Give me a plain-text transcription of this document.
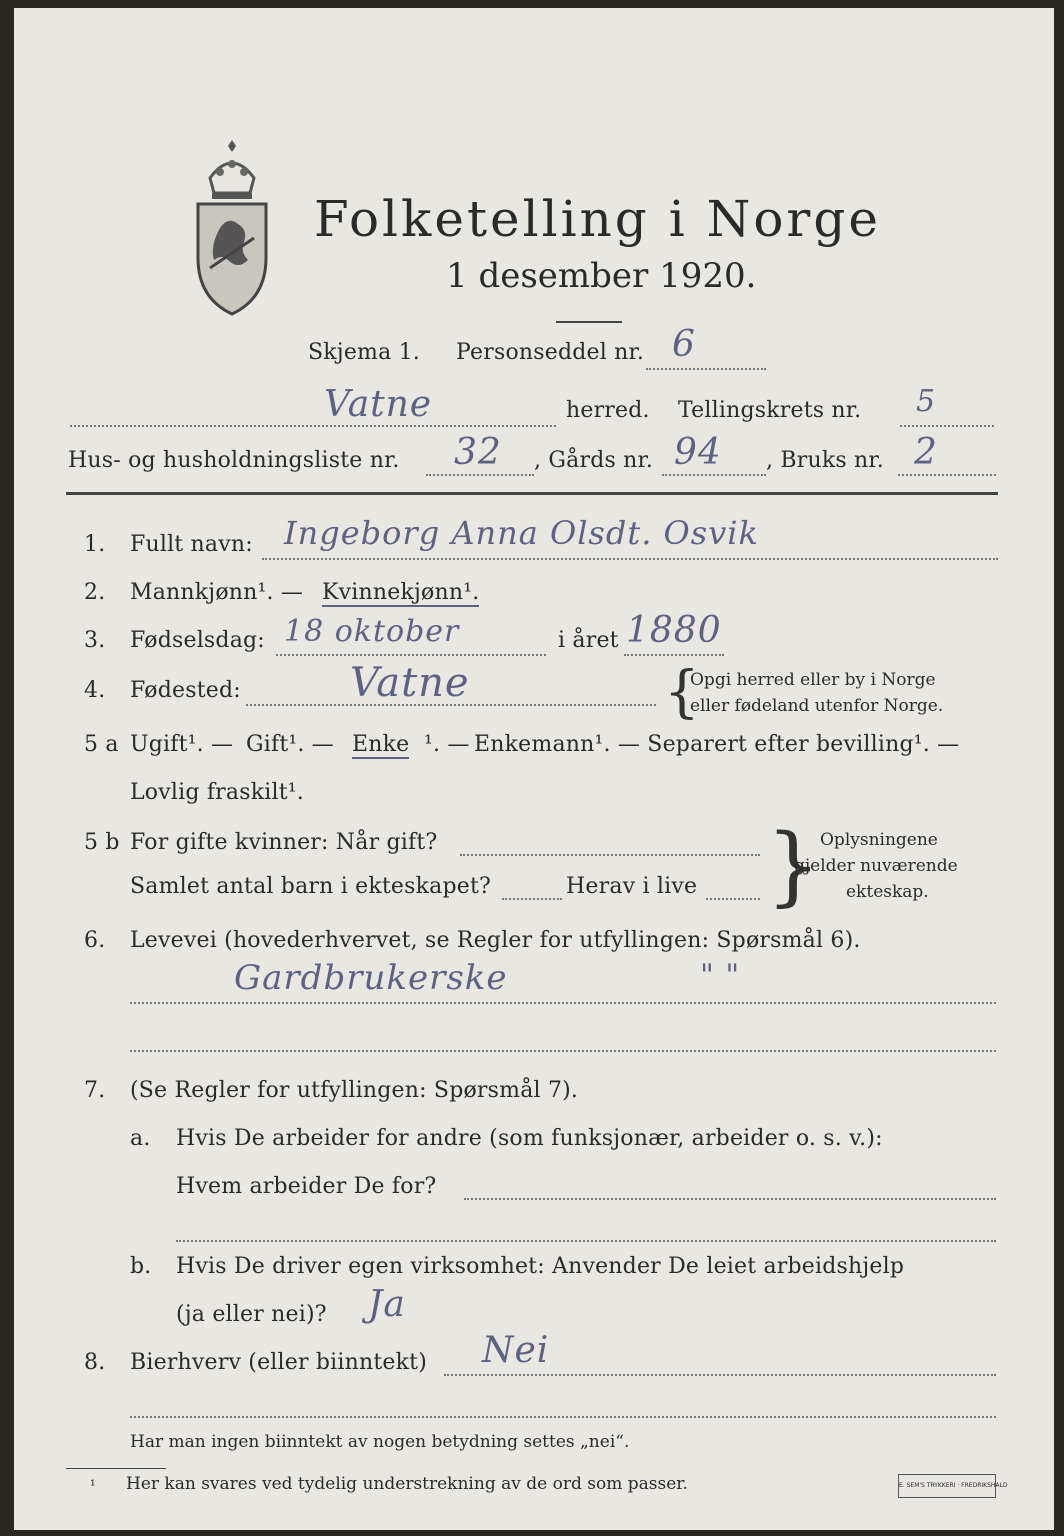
Folketelling i Norge
1 desember 1920.
Skjema 1. Personseddel nr. 6
Vatne	herred. Tellingskrets nr. 5
Hus- og husholdningsliste nr. 32 , Gårds nr. 94 , Bruks nr. 2
1. Fullt navn: Ingeborg Anna Olsdt. Osvik
2. Mannkjønn¹. — Kvinnekjønn¹.
3. Fødselsdag: 18 oktober	i året 1880
4. Fødested:	Vatne	{
Opgi herred eller by i Norge
eller fødeland utenfor Norge.
5 a Ugift¹. — Gift¹. — Enke ¹. — Enkemann¹. — Separert efter bevilling¹. —
Lovlig fraskilt¹.
5 b For gifte kvinner: Når gift?
Samlet antal barn i ekteskapet?	Herav i live } Oplysningene
gjelder nuværende
ekteskap.
6. Levevei (hovederhvervet, se Regler for utfyllingen: Spørsmål 6).
Gardbrukerske	" "
7. (Se Regler for utfyllingen: Spørsmål 7).
a. Hvis De arbeider for andre (som funksjonær, arbeider o. s. v.):
Hvem arbeider De for?
b. Hvis De driver egen virksomhet: Anvender De leiet arbeidshjelp
(ja eller nei)? Ja
8. Bierhverv (eller biinntekt) Nei
Har man ingen biinntekt av nogen betydning settes „nei“.
¹ Her kan svares ved tydelig understrekning av de ord som passer.	E. SEM'S TRYKKERI · FREDRIKSHALD
